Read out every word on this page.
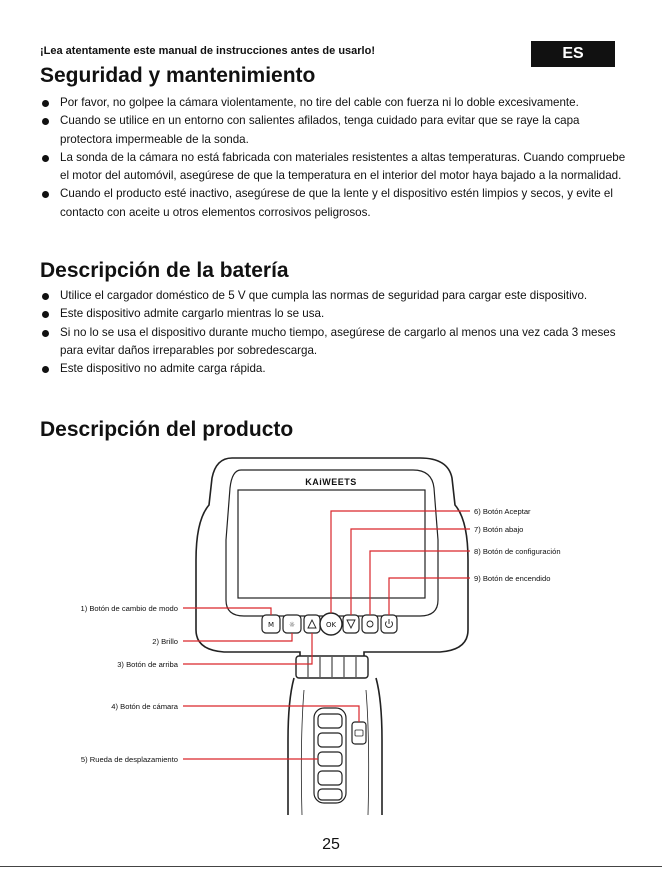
¡Lea atentamente este manual de instrucciones antes de usarlo!	ES
Seguridad y mantenimiento
Por favor, no golpee la cámara violentamente, no tire del cable con fuerza ni lo doble excesivamente.
Cuando se utilice en un entorno con salientes afilados, tenga cuidado para evitar que se raye la capa protectora impermeable de la sonda.
La sonda de la cámara no está fabricada con materiales resistentes a altas temperaturas. Cuando compruebe el motor del automóvil, asegúrese de que la temperatura en el interior del motor haya bajado a la normalidad.
Cuando el producto esté inactivo, asegúrese de que la lente y el dispositivo estén limpios y secos, y evite el contacto con aceite u otros elementos corrosivos peligrosos.
Descripción de la batería
Utilice el cargador doméstico de 5 V que cumpla las normas de seguridad para cargar este dispositivo.
Este dispositivo admite cargarlo mientras lo se usa.
Si no lo se usa el dispositivo durante mucho tiempo, asegúrese de cargarlo al menos una vez cada 3 meses para evitar daños irreparables por sobredescarga.
Este dispositivo no admite carga rápida.
Descripción del producto
KAiWEETS
M ☼	OK
1) Botón de cambio de modo
2) Brillo
3) Botón de arriba
4) Botón de cámara
5) Rueda de desplazamiento
6) Botón Aceptar
7) Botón abajo
8) Botón de configuración
9) Botón de encendido
25
